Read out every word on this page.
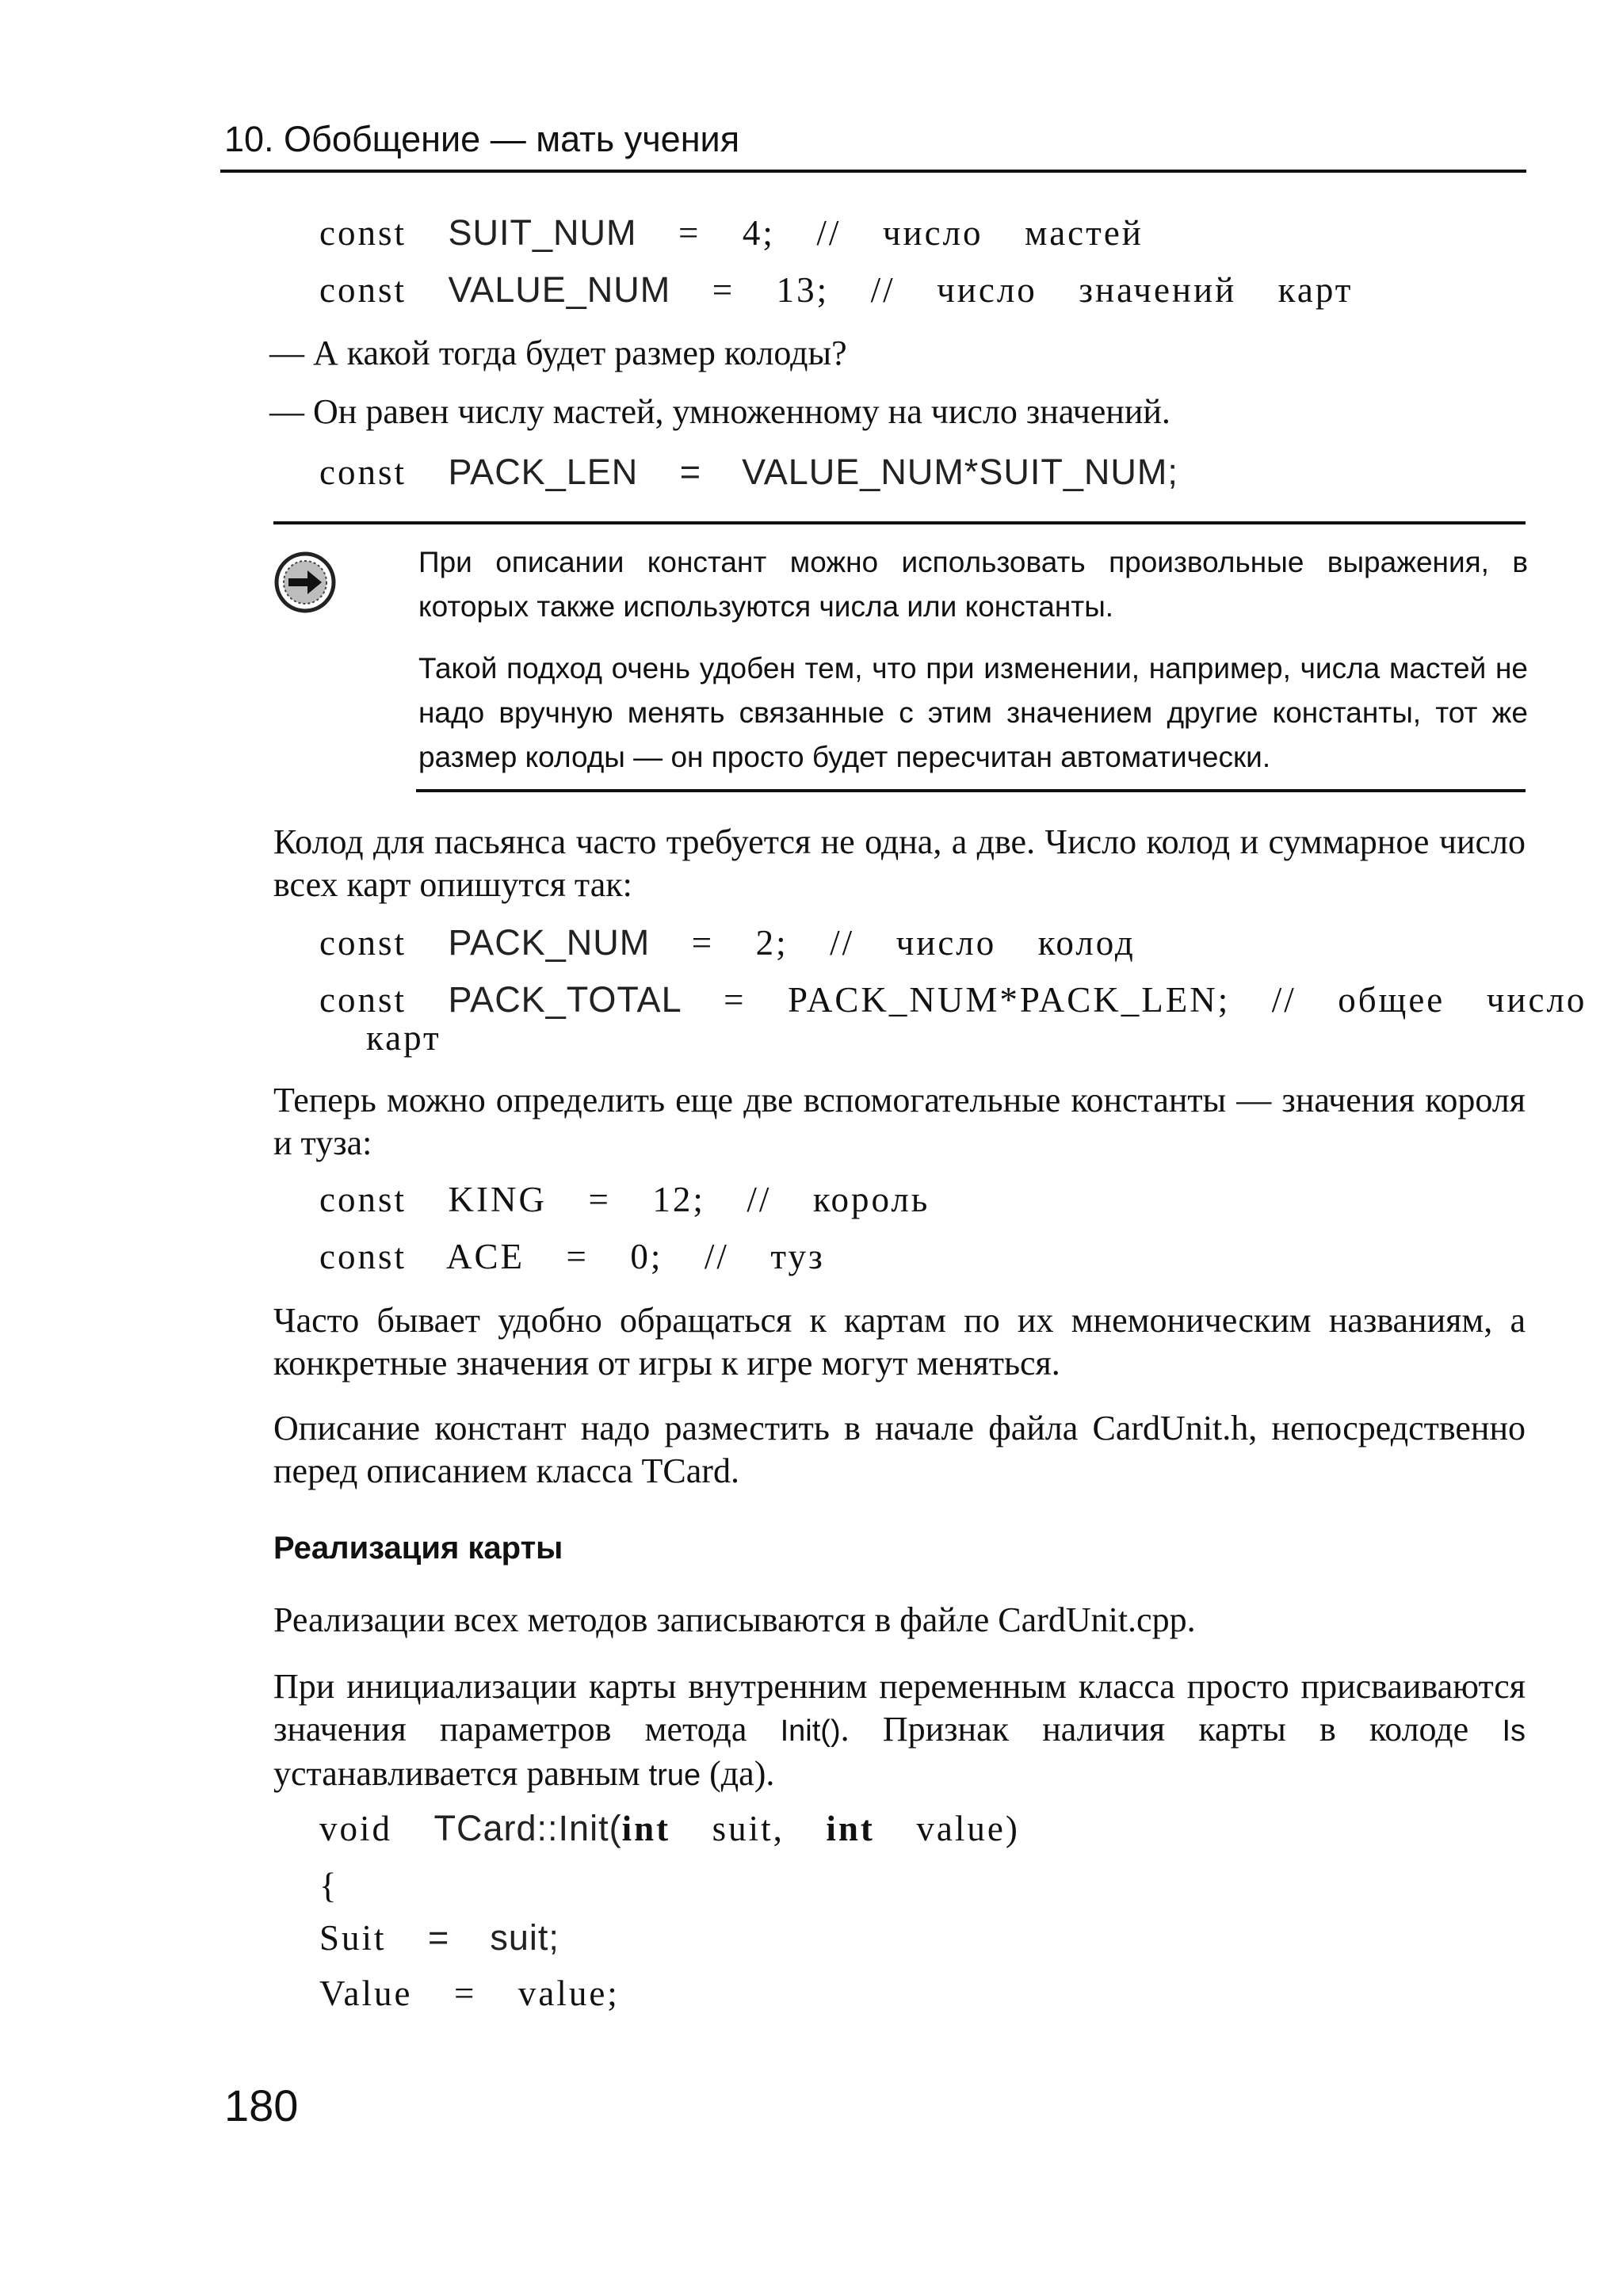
10. Обобщение — мать учения
const SUIT_NUM =  4;  //  число  мастей
const VALUE_NUM =  13;  //  число  значений  карт
— А какой тогда будет размер колоды?
— Он равен числу мастей, умноженному на число значений.
const PACK_LEN =  VALUE_NUM*SUIT_NUM;
При описании констант можно использовать произвольные выражения, в которых также используются числа или константы.
Такой подход очень удобен тем, что при изменении, например, числа мастей не надо вручную менять связанные с этим значением другие константы, тот же размер колоды — он просто будет пересчитан автоматически.
Колод для пасьянса часто требуется не одна, а две. Число колод и суммарное число всех карт опишутся так:
const PACK_NUM =  2;  //  число  колод
const PACK_TOTAL =  PACK_NUM*PACK_LEN;  //  общее  число
карт
Теперь можно определить еще две вспомогательные константы — значения короля и туза:
const KING =  12;  //  король
const ACE =  0;  //  туз
Часто бывает удобно обращаться к картам по их мнемоническим названиям, а конкретные значения от игры к игре могут меняться.
Описание констант надо разместить в начале файла CardUnit.h, непосредственно перед описанием класса TCard.
Реализация карты
Реализации всех методов записываются в файле CardUnit.cpp.
При инициализации карты внутренним переменным класса просто присваиваются значения параметров метода Init(). Признак наличия карты в колоде Is устанавливается равным true (да).
void TCard::Init(int suit, int value)
{
Suit =  suit;
Value =  value;
180
